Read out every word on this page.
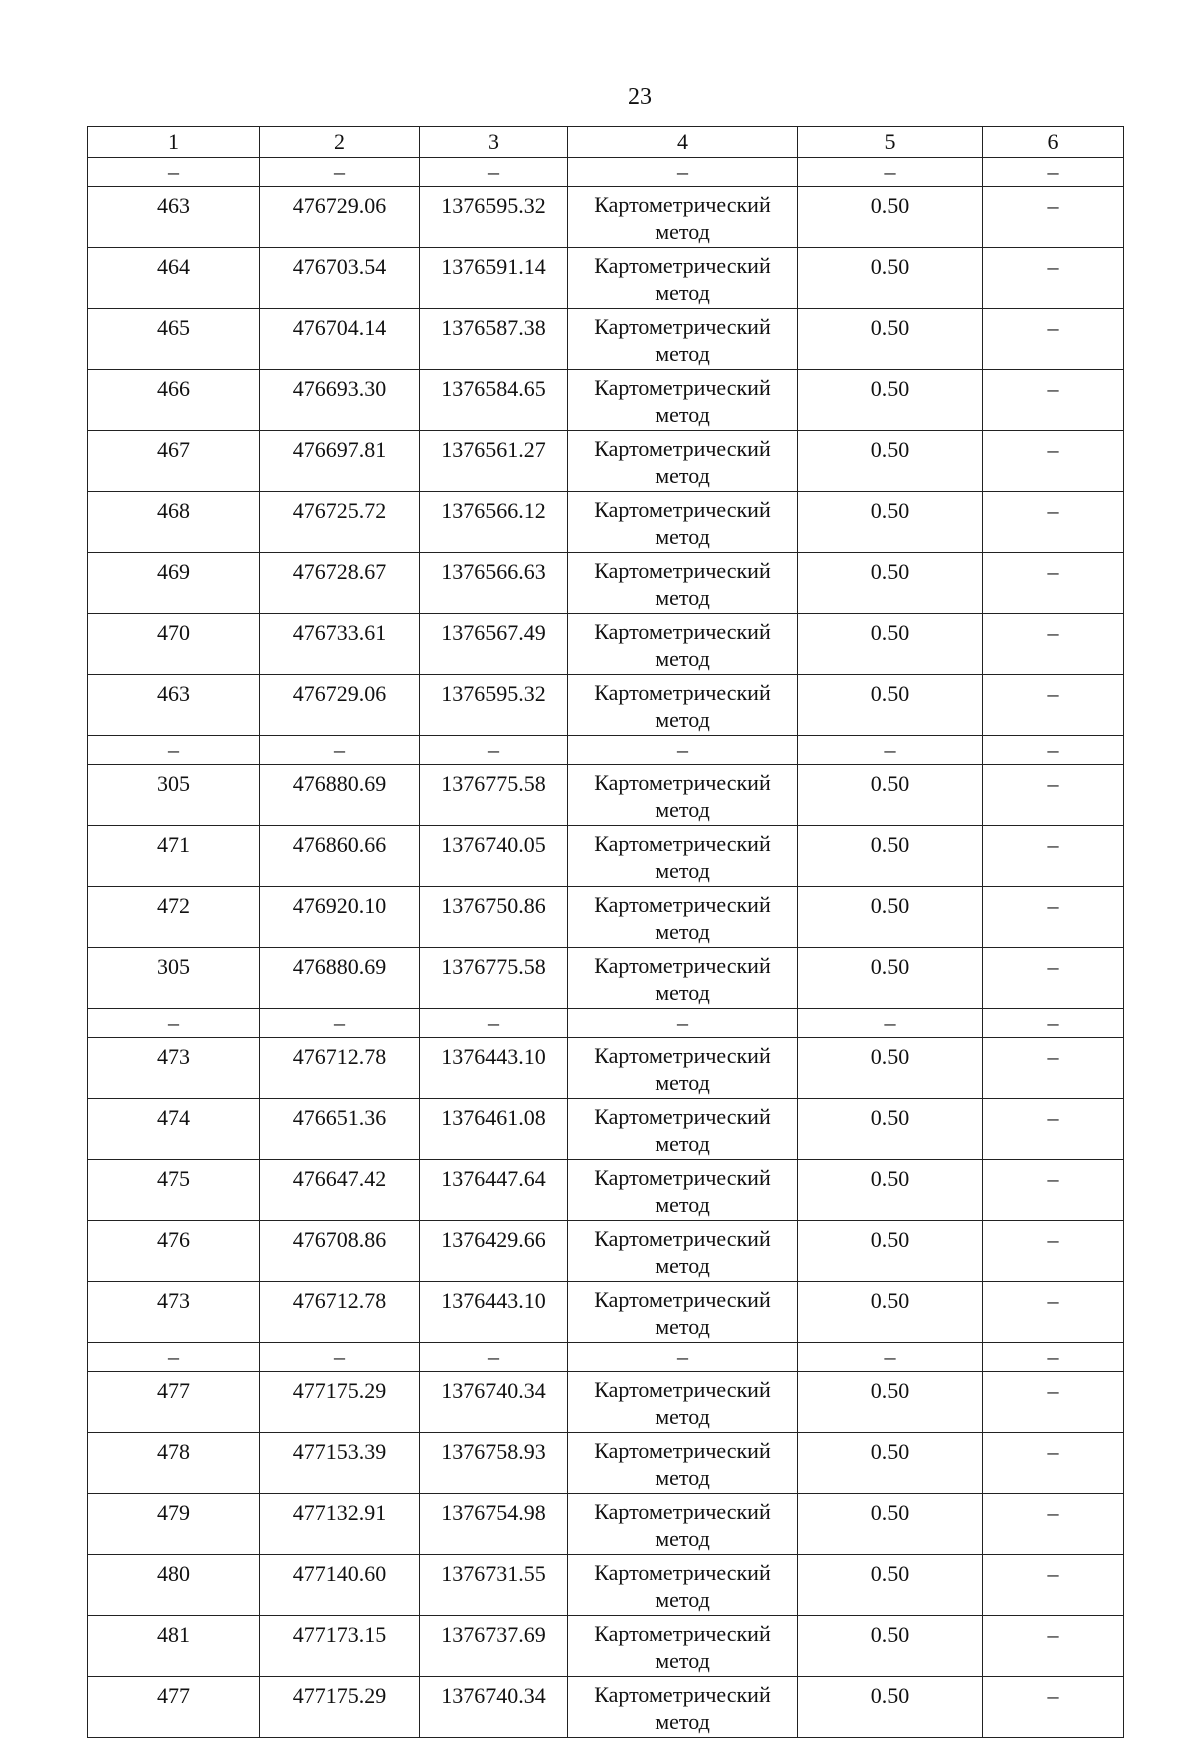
23
1	2	3	4	5	6
–	–	–	–	–	–
463	476729.06	1376595.32	Картометрический метод	0.50	–
464	476703.54	1376591.14	Картометрический метод	0.50	–
465	476704.14	1376587.38	Картометрический метод	0.50	–
466	476693.30	1376584.65	Картометрический метод	0.50	–
467	476697.81	1376561.27	Картометрический метод	0.50	–
468	476725.72	1376566.12	Картометрический метод	0.50	–
469	476728.67	1376566.63	Картометрический метод	0.50	–
470	476733.61	1376567.49	Картометрический метод	0.50	–
463	476729.06	1376595.32	Картометрический метод	0.50	–
–	–	–	–	–	–
305	476880.69	1376775.58	Картометрический метод	0.50	–
471	476860.66	1376740.05	Картометрический метод	0.50	–
472	476920.10	1376750.86	Картометрический метод	0.50	–
305	476880.69	1376775.58	Картометрический метод	0.50	–
–	–	–	–	–	–
473	476712.78	1376443.10	Картометрический метод	0.50	–
474	476651.36	1376461.08	Картометрический метод	0.50	–
475	476647.42	1376447.64	Картометрический метод	0.50	–
476	476708.86	1376429.66	Картометрический метод	0.50	–
473	476712.78	1376443.10	Картометрический метод	0.50	–
–	–	–	–	–	–
477	477175.29	1376740.34	Картометрический метод	0.50	–
478	477153.39	1376758.93	Картометрический метод	0.50	–
479	477132.91	1376754.98	Картометрический метод	0.50	–
480	477140.60	1376731.55	Картометрический метод	0.50	–
481	477173.15	1376737.69	Картометрический метод	0.50	–
477	477175.29	1376740.34	Картометрический метод	0.50	–
